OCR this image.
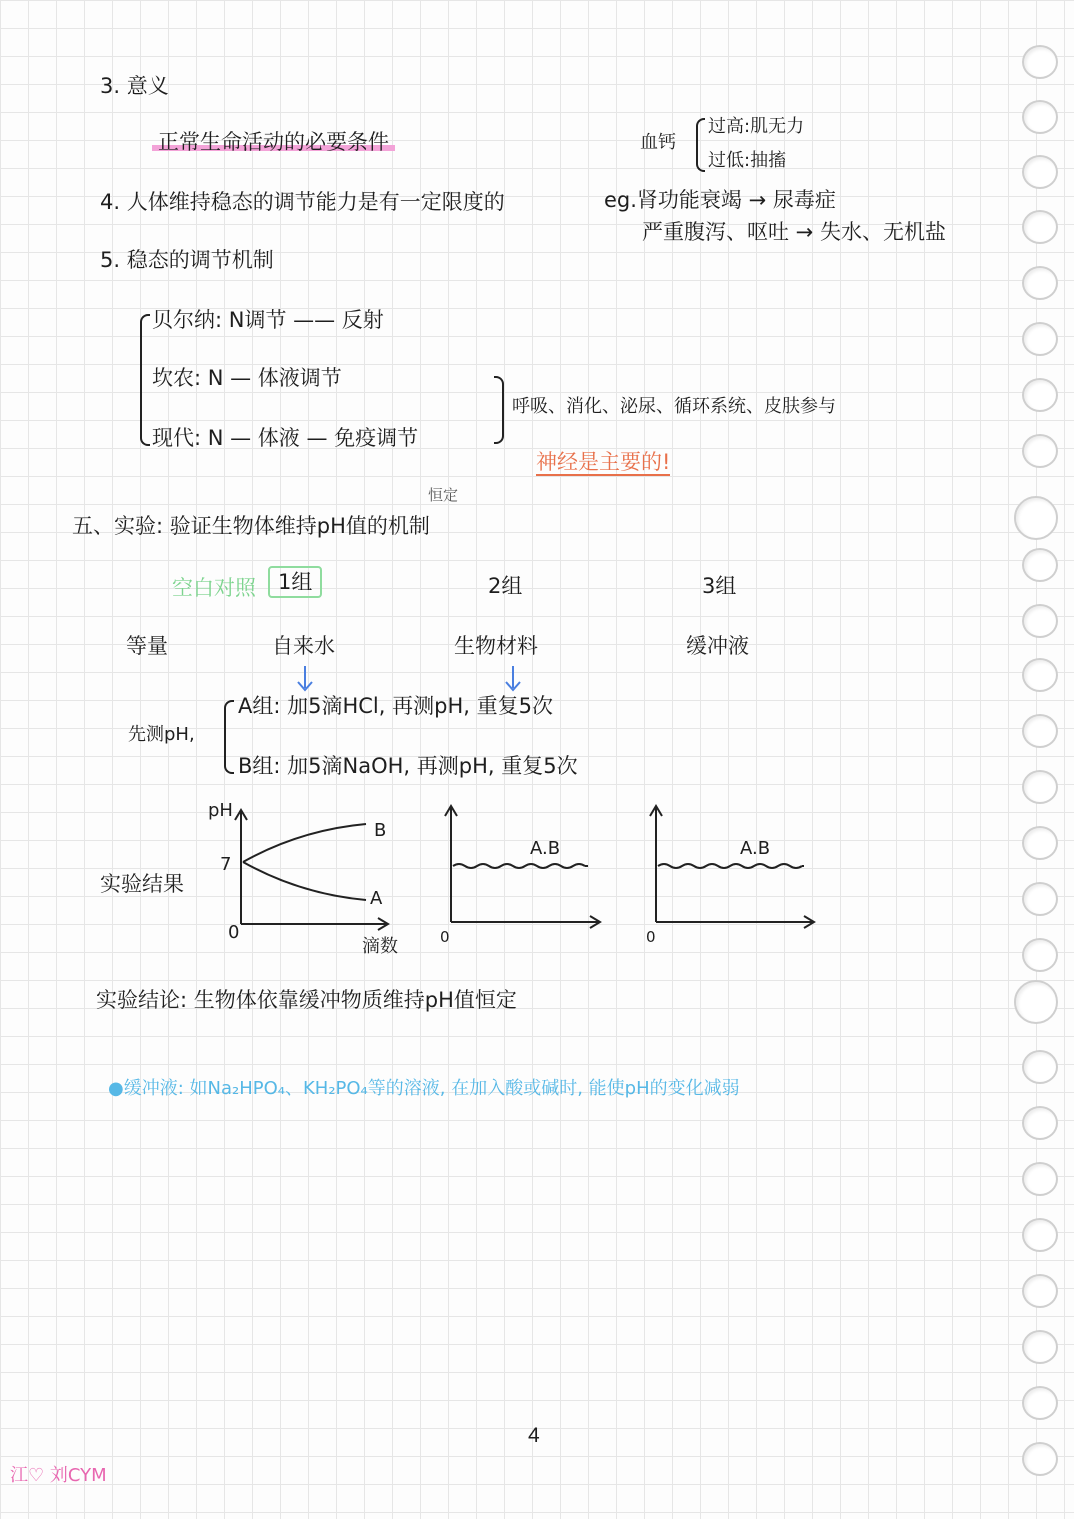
3. 意义
正常生命活动的必要条件	血钙
过高:肌无力
过低:抽搐
4. 人体维持稳态的调节能力是有一定限度的	eg.肾功能衰竭 → 尿毒症
严重腹泻、呕吐 → 失水、无机盐
5. 稳态的调节机制
贝尔纳: N调节 —— 反射
坎农: N — 体液调节
现代: N — 体液 — 免疫调节
呼吸、消化、泌尿、循环系统、皮肤参与
神经是主要的!
恒定
五、实验: 验证生物体维持pH值的机制
空白对照	1组	2组	3组
等量	自来水	生物材料	缓冲液
先测pH,
A组: 加5滴HCl, 再测pH, 重复5次
B组: 加5滴NaOH, 再测pH, 重复5次
实验结果
pH
7
0
滴数
B
A
A.B
0
A.B
0
实验结论: 生物体依靠缓冲物质维持pH值恒定
●缓冲液: 如Na₂HPO₄、KH₂PO₄等的溶液, 在加入酸或碱时, 能使pH的变化减弱
4
江♡ 刘CYM
